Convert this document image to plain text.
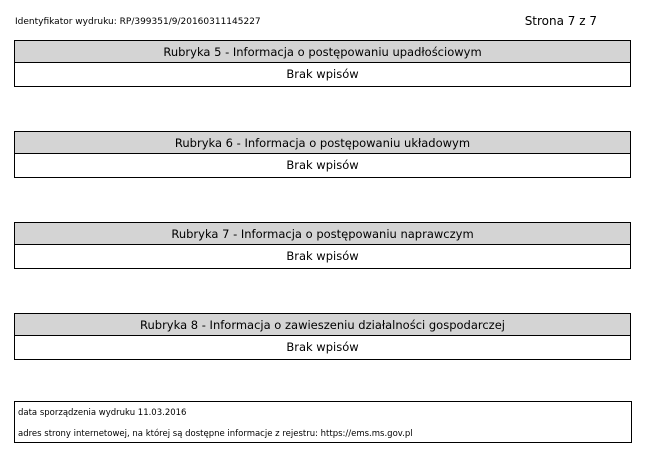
Identyfikator wydruku: RP/399351/9/20160311145227	Strona 7 z 7
Rubryka 5 - Informacja o postępowaniu upadłościowym
Brak wpisów
Rubryka 6 - Informacja o postępowaniu układowym
Brak wpisów
Rubryka 7 - Informacja o postępowaniu naprawczym
Brak wpisów
Rubryka 8 - Informacja o zawieszeniu działalności gospodarczej
Brak wpisów
data sporządzenia wydruku 11.03.2016
adres strony internetowej, na której są dostępne informacje z rejestru: https://ems.ms.gov.pl
